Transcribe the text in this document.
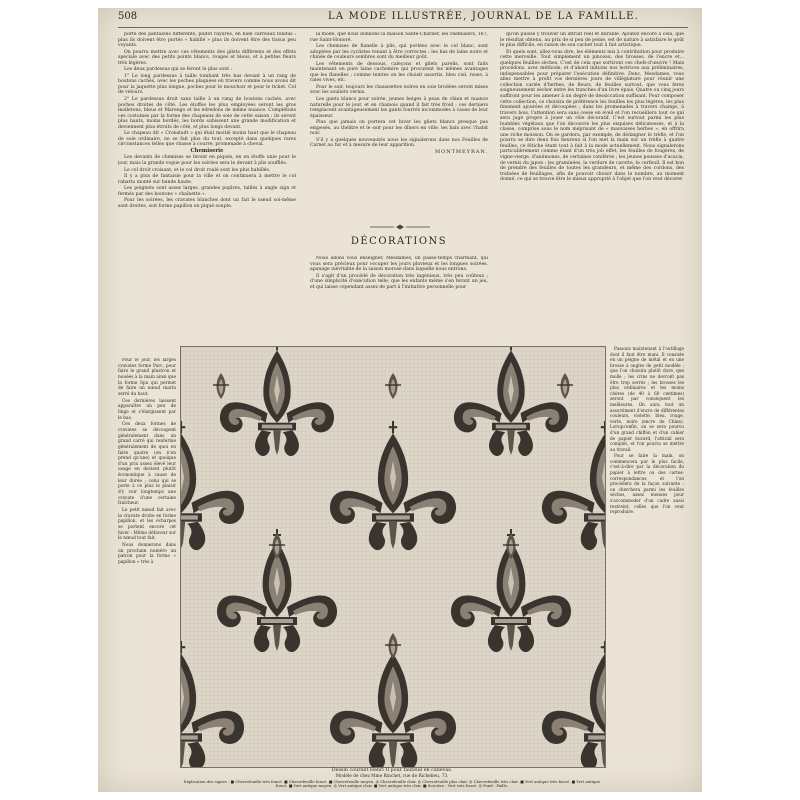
508	LA MODE ILLUSTRÉE, JOURNAL DE LA FAMILLE.

porte des pantalons différents, plutôt rayures, en bien carreaux fondus : plus ils doivent être portés « habillé » plus ils doivent être des tissus peu voyants.

On pourra mettre avec ces vêtements des gilets différents et des effets spéciale avec des petits points blancs, rouges et bleus, et à petites fleurs très légères.

Les deux pardessus qui se feront le plus sont :

1° Le long pardessus à taille tombant très bas devant à un rang de boutons cachés, avec les poches plaquées en travers comme nous avons dit pour la jaquette plus longue, poches pour le mouchoir et pour le ticket. Col de velours.

2° Le pardessus droit sans taille à un rang de boutons cachés, avec poches droites de côté. Les étoffes les plus employées seront les gros molletons, bleus et Marengo et les édredons de même nuance. Complétons ces costumes par la forme des chapeaux de soie de cette saison : ils seront plus hauts, moins bordés, les bords subissent une grande modification et deviennent plus étroits de côté, et plus longs devant.

Le chapeau dit « Cronstadt » qui était moitié moins haut que le chapeau de soie ordinaire, ne se fait plus du tout, excepté dans quelques rares circonstances telles que chasse à courre, promenade à cheval.

Chemiserie

Les devants de chemises se feront en piqués, en en étoffe unie pour le jour, mais la grande vogue pour les soirées sera le devant à plis soufflés.

Le col droit croisant, et le col droit roulé sont les plus habillés.

Il y a plus de fantaisie pour la ville et on continuera à mettre le col rabattu monté sur bande haute.

Les poignets sont assez larges, grandes piqûres, taillés à angle sign et fermés par des boutons « chaînette ».

Pour les soirées, les cravates blanches dont un fait le nœud soi-même sont droites, soit forme papillon en piqué souple.

la mode, que nous donnons la maison Sante-Charlier, les chemisiers, 167, rue Saint-Honoré.

Les chemises de flanelle à plis, qui portées avec le col blanc, sont adoptées par les cyclistes tenant à être correctes : les bas de laine noire et chinée de couleurs sombres sont du meilleur goût.

Les vêtements de dessous, caleçons et gilets pareils, sont faits maintenant en pure laine cachemire qui procurent les mêmes avantages que les flanelles ; comme teintes on les choisit assortis, bleu ciel, roses, à raies vives, etc.

Pour le soir, toujours les chaussettes noires en soie brodées seront mises avec les souliers vernis.

Les gants blancs pour soirée, jeunes beiges à peau de chien et nuance naturelle pour le jour, et en chamois quand il fait très froid ; ces derniers remplacent avantageusement les gants fourrés incommodes à cause de leur épaisseur.

Plus que jamais on portera cet hiver les gilets blancs presque pas empesés, au théâtre et le soir pour les dîners en ville, les bals avec l'habit noir.

S'il y a quelques nouveautés nous les signalerons dans nos Feuilles de Carnet au fur et à mesure de leur apparition.

MONTMEYRAN.

DÉCORATIONS

Nous allons vous enseigner, Mesdames, un passe-temps charmant, qui vous sera précieux pour occuper les jours pluvieux et les longues soirées, apanage inévitable de la saison morose dans laquelle nous entrons.

Il s'agit d'un procédé de décoration très ingénieux, très peu coûteux ; d'une simplicité d'exécution telle, que les enfants même s'en feront un jeu, et qui laisse cependant assez de part à l'initiative personnelle pour

qu'on puisse y trouver un attrait réel et durable. Ajoutez encore à cela, que le résultat obtenu, au prix de si peu de peine, est de nature à satisfaire le goût le plus difficile, en raison de son cachet tout à fait artistique.

Et quels sont, allez-vous dire, les éléments mis à contribution pour produire cette merveille. Tout simplement un pinceau, des brosses, de l'encre et... quelques feuilles sèches. C'est de cela que sortiront ces chefs-d'œuvre ! Mais procédons, avec méthode, et d'abord initions nos lectrices aux préliminaires, indispensables pour préparer l'exécution définitive. Donc, Mesdames, vous allez mettre à profit vos dernières jours de villégiature pour réunir une collection variée d'herbes, de fleurs, de feuilles surtout, que vous ferez soigneusement sécher entre les tranches d'un livre épais. Quatre ou cinq jours suffiront pour les amener à un degré de dessiccation suffisant. Pour composer cette collection, ce choisira de préférence les feuilles les plus légères, les plus finement ajourées et découpées ; dans les promenades à travers champs, à travers bois, l'attention sera sans cesse en éveil et l'on recueillera tout ce qui sera jugé propre à jouer un rôle décoratif. C'est surtout parmi les plus humbles végétaux que l'on découvre les plus exquises délicatesses, et à la classe, comprise sous le nom méprisant de « mauvaises herbes », en offrira une riche moisson. On se gardera, par exemple, de dédaigner le trèfle, et l'on pourra se dire deux fois heureux si l'on met la main sur un trèfle à quatre feuilles, ce fétiche étant tout à fait à la mode actuellement. Nous signalerons particulièrement comme étant d'un très joli effet, les feuilles de fougères, de vigne-vierge, d'anémones, de certaines conifères ; les jeunes pousses d'acacia, de vernis du japon ; les graminées, la verdure de carotte, le cerfeuil. Il est bon de prendre des feuilles de toutes les grandeurs, et même des cordons, des traînées de feuillages, afin de pouvoir choisir dans le nombre, au moment donné, ce qui se trouve être le mieux approprié à l'objet que l'on veut décorer.

Pour le jour, les larges cravates forme Parc, pour faire le grand plastron et nouées à la main ainsi que la forme Spa qui permet de faire un nœud marin serré du haut.

Ces dernières laissent apparaître un peu de linge et s'élargissent par le bas.

Ces deux formes de cravates se découpent généralement dans un grand carré qui renferme généralement de quoi en faire quatre (on n'en prend qu'une) et quoique d'un prix assez élevé leur usage en devient plutôt économique à cause de leur durée ; celui qui se porte à ce plus le plaisir d'y voir longtemps une cravate d'une certaine fraîcheur.

Le petit nœud fait avec la cravate droite en forme papillon, et les écharpes se portent encore cet hiver : Même défaveur sur le nœud tout fait.

Nous donnerons dans un prochain numéro un patron pour la forme « papillon » très à

Passons maintenant à l'outillage dont il faut être muni. Il consiste en un peigne de métal et en une brosse à ongles de petit modèle ; que l'on choisira plutôt dure, que molle ; les crins ne devront pas être trop serrés ; les brosses les plus ordinaires et les moins chères (de 40 à 60 centimes) seront par conséquent les meilleures. On aura tout un assortiment d'encre de différentes couleurs, violette, bleu, rouge, verte, noire (encre de Chine). Lorsqu'enfin, on se sera pourvu d'un grand chiffon et d'un cahier de papier buvard, l'attirail sera complet, et l'on pourra se mettre au travail.

Pour se faire la main, on commencera par le plus facile, c'est-à-dire par la décoration du papier à lettre ou des cartes-correspondances, et l'on procédera de la façon suivante : on cherchera parmi les feuilles sèches, assez menues pour s'accommoder d'un cadre aussi restreint, celles que l'on veut reproduire.

Dessin courant Henri II pour fauteuil en canevas.
Modèle de chez Mme Rinchet, rue de Richelieu, 73.
Explication des signes : ■ Chevrefeuille très foncé. ■ Chevrefeuille foncé. ■ Chevrefeuille moyen. ◎ Chevrefeuille clair. ◎ Chevrefeuille plus clair. ◎ Chevrefeuille très clair. ■ Vert antique très foncé. ■ Vert antique foncé. ■ Vert antique moyen. ◎ Vert antique clair. ■ Vert antique très clair. ■ Sorcière : Vert très foncé. ◎ Fond : Paille.
